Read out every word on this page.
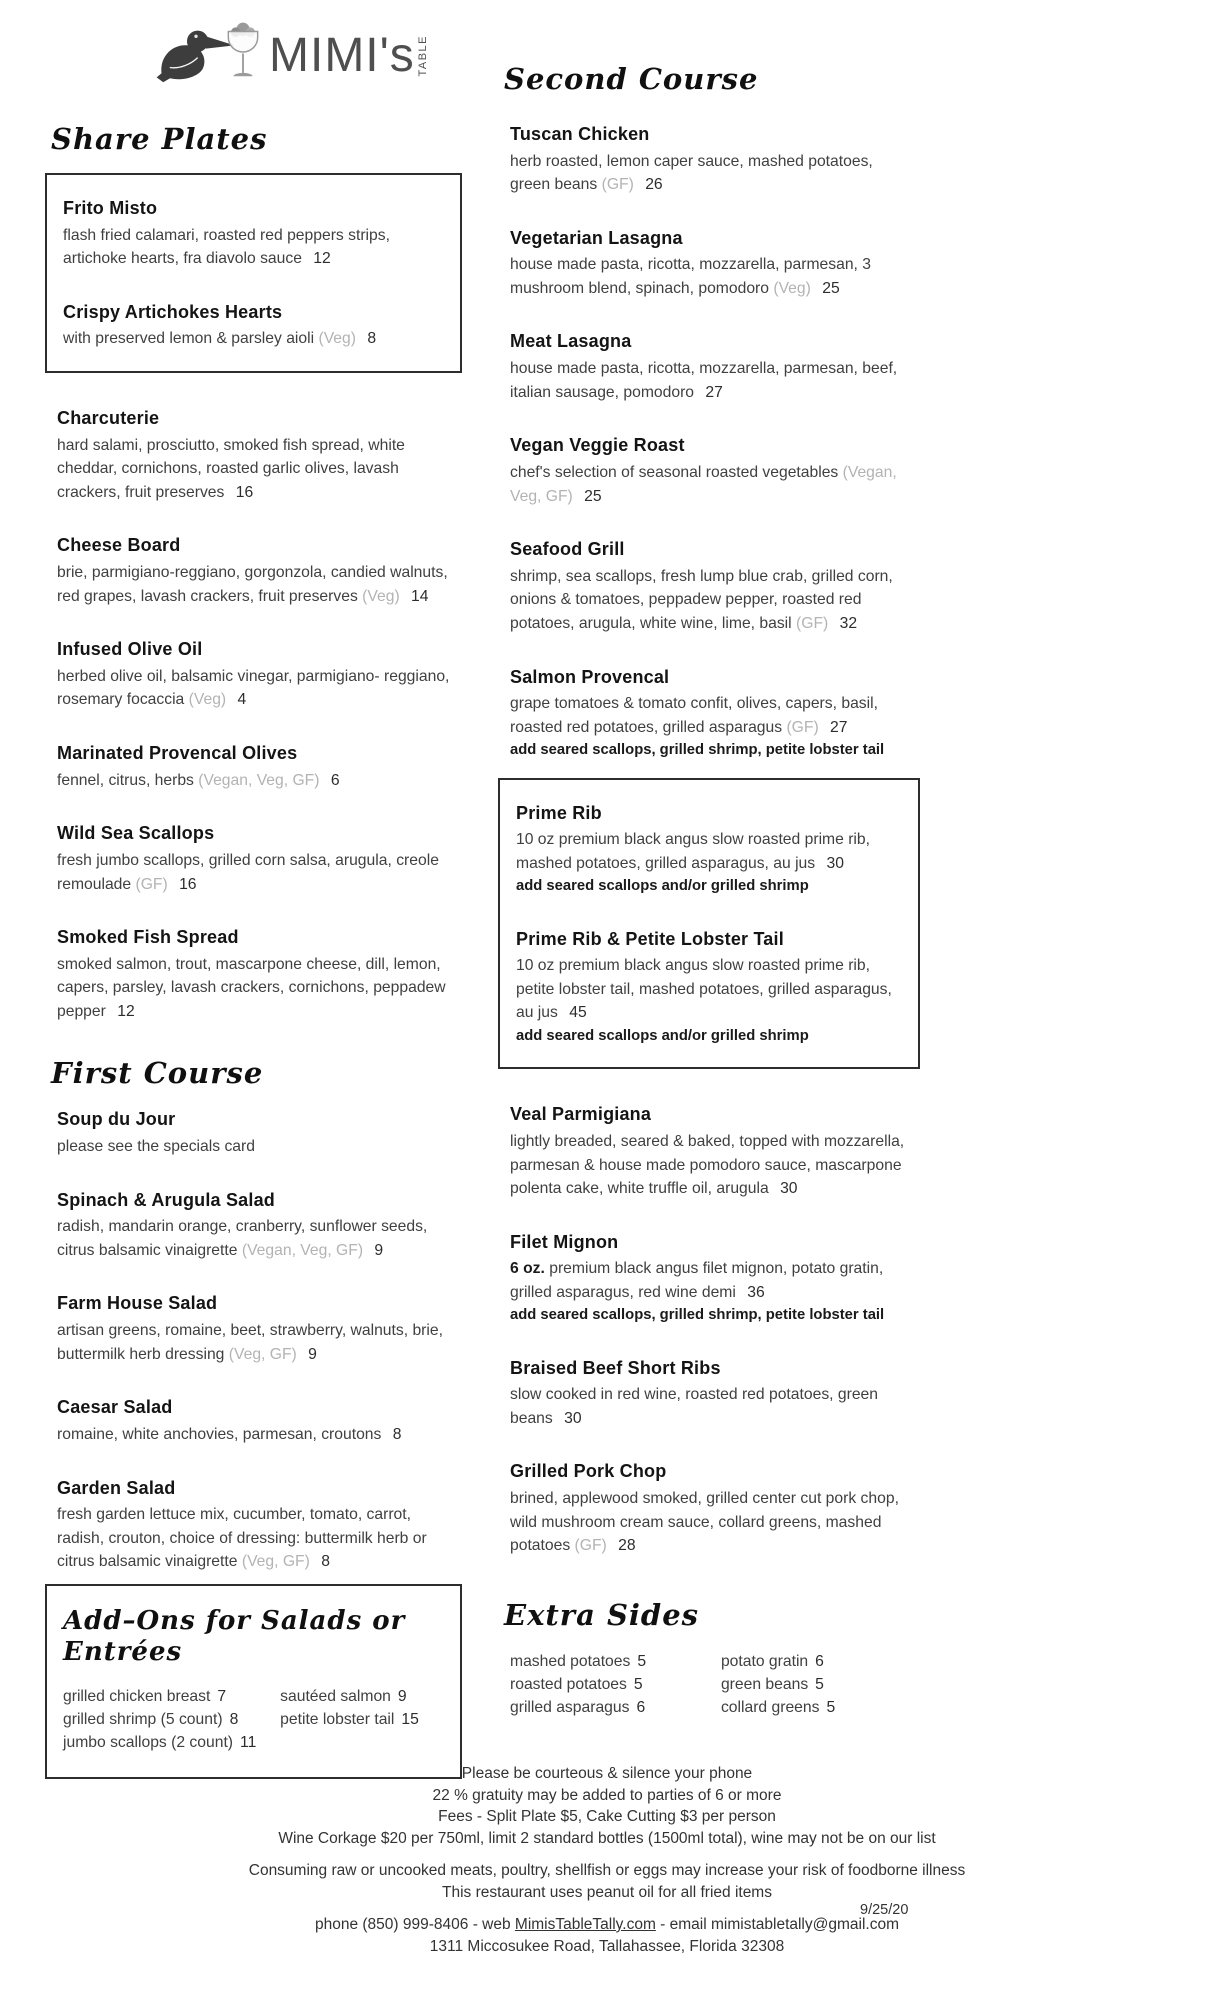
MIMI's TABLE
Share Plates
Frito Misto
flash fried calamari, roasted red peppers strips, artichoke hearts, fra diavolo sauce 12
Crispy Artichokes Hearts
with preserved lemon & parsley aioli (Veg) 8
Charcuterie
hard salami, prosciutto, smoked fish spread, white cheddar, cornichons, roasted garlic olives, lavash crackers, fruit preserves 16
Cheese Board
brie, parmigiano-reggiano, gorgonzola, candied walnuts, red grapes, lavash crackers, fruit preserves (Veg) 14
Infused Olive Oil
herbed olive oil, balsamic vinegar, parmigiano- reggiano, rosemary focaccia (Veg) 4
Marinated Provencal Olives
fennel, citrus, herbs (Vegan, Veg, GF) 6
Wild Sea Scallops
fresh jumbo scallops, grilled corn salsa, arugula, creole remoulade (GF) 16
Smoked Fish Spread
smoked salmon, trout, mascarpone cheese, dill, lemon, capers, parsley, lavash crackers, cornichons, peppadew pepper 12
First Course
Soup du Jour
please see the specials card
Spinach & Arugula Salad
radish, mandarin orange, cranberry, sunflower seeds, citrus balsamic vinaigrette (Vegan, Veg, GF) 9
Farm House Salad
artisan greens, romaine, beet, strawberry, walnuts, brie, buttermilk herb dressing (Veg, GF) 9
Caesar Salad
romaine, white anchovies, parmesan, croutons 8
Garden Salad
fresh garden lettuce mix, cucumber, tomato, carrot, radish, crouton, choice of dressing: buttermilk herb or citrus balsamic vinaigrette (Veg, GF) 8
Add–Ons for Salads or Entrées
grilled chicken breast 7
grilled shrimp (5 count) 8
jumbo scallops (2 count) 11
sautéed salmon 9
petite lobster tail 15
Second Course
Tuscan Chicken
herb roasted, lemon caper sauce, mashed potatoes, green beans (GF) 26
Vegetarian Lasagna
house made pasta, ricotta, mozzarella, parmesan, 3 mushroom blend, spinach, pomodoro (Veg) 25
Meat Lasagna
house made pasta, ricotta, mozzarella, parmesan, beef, italian sausage, pomodoro 27
Vegan Veggie Roast
chef's selection of seasonal roasted vegetables (Vegan, Veg, GF) 25
Seafood Grill
shrimp, sea scallops, fresh lump blue crab, grilled corn, onions & tomatoes, peppadew pepper, roasted red potatoes, arugula, white wine, lime, basil (GF) 32
Salmon Provencal
grape tomatoes & tomato confit, olives, capers, basil, roasted red potatoes, grilled asparagus (GF) 27
add seared scallops, grilled shrimp, petite lobster tail
Prime Rib
10 oz premium black angus slow roasted prime rib, mashed potatoes, grilled asparagus, au jus 30
add seared scallops and/or grilled shrimp
Prime Rib & Petite Lobster Tail
10 oz premium black angus slow roasted prime rib, petite lobster tail, mashed potatoes, grilled asparagus, au jus 45
add seared scallops and/or grilled shrimp
Veal Parmigiana
lightly breaded, seared & baked, topped with mozzarella, parmesan & house made pomodoro sauce, mascarpone polenta cake, white truffle oil, arugula 30
Filet Mignon
6 oz. premium black angus filet mignon, potato gratin, grilled asparagus, red wine demi 36
add seared scallops, grilled shrimp, petite lobster tail
Braised Beef Short Ribs
slow cooked in red wine, roasted red potatoes, green beans 30
Grilled Pork Chop
brined, applewood smoked, grilled center cut pork chop, wild mushroom cream sauce, collard greens, mashed potatoes (GF) 28
Extra Sides
mashed potatoes 5
roasted potatoes 5
grilled asparagus 6
potato gratin 6
green beans 5
collard greens 5
Please be courteous & silence your phone
22 % gratuity may be added to parties of 6 or more
Fees - Split Plate $5, Cake Cutting $3 per person
Wine Corkage $20 per 750ml, limit 2 standard bottles (1500ml total), wine may not be on our list
Consuming raw or uncooked meats, poultry, shellfish or eggs may increase your risk of foodborne illness
This restaurant uses peanut oil for all fried items
phone (850) 999-8406 - web MimisTableTally.com - email mimistabletally@gmail.com
1311 Miccosukee Road, Tallahassee, Florida 32308
9/25/20
